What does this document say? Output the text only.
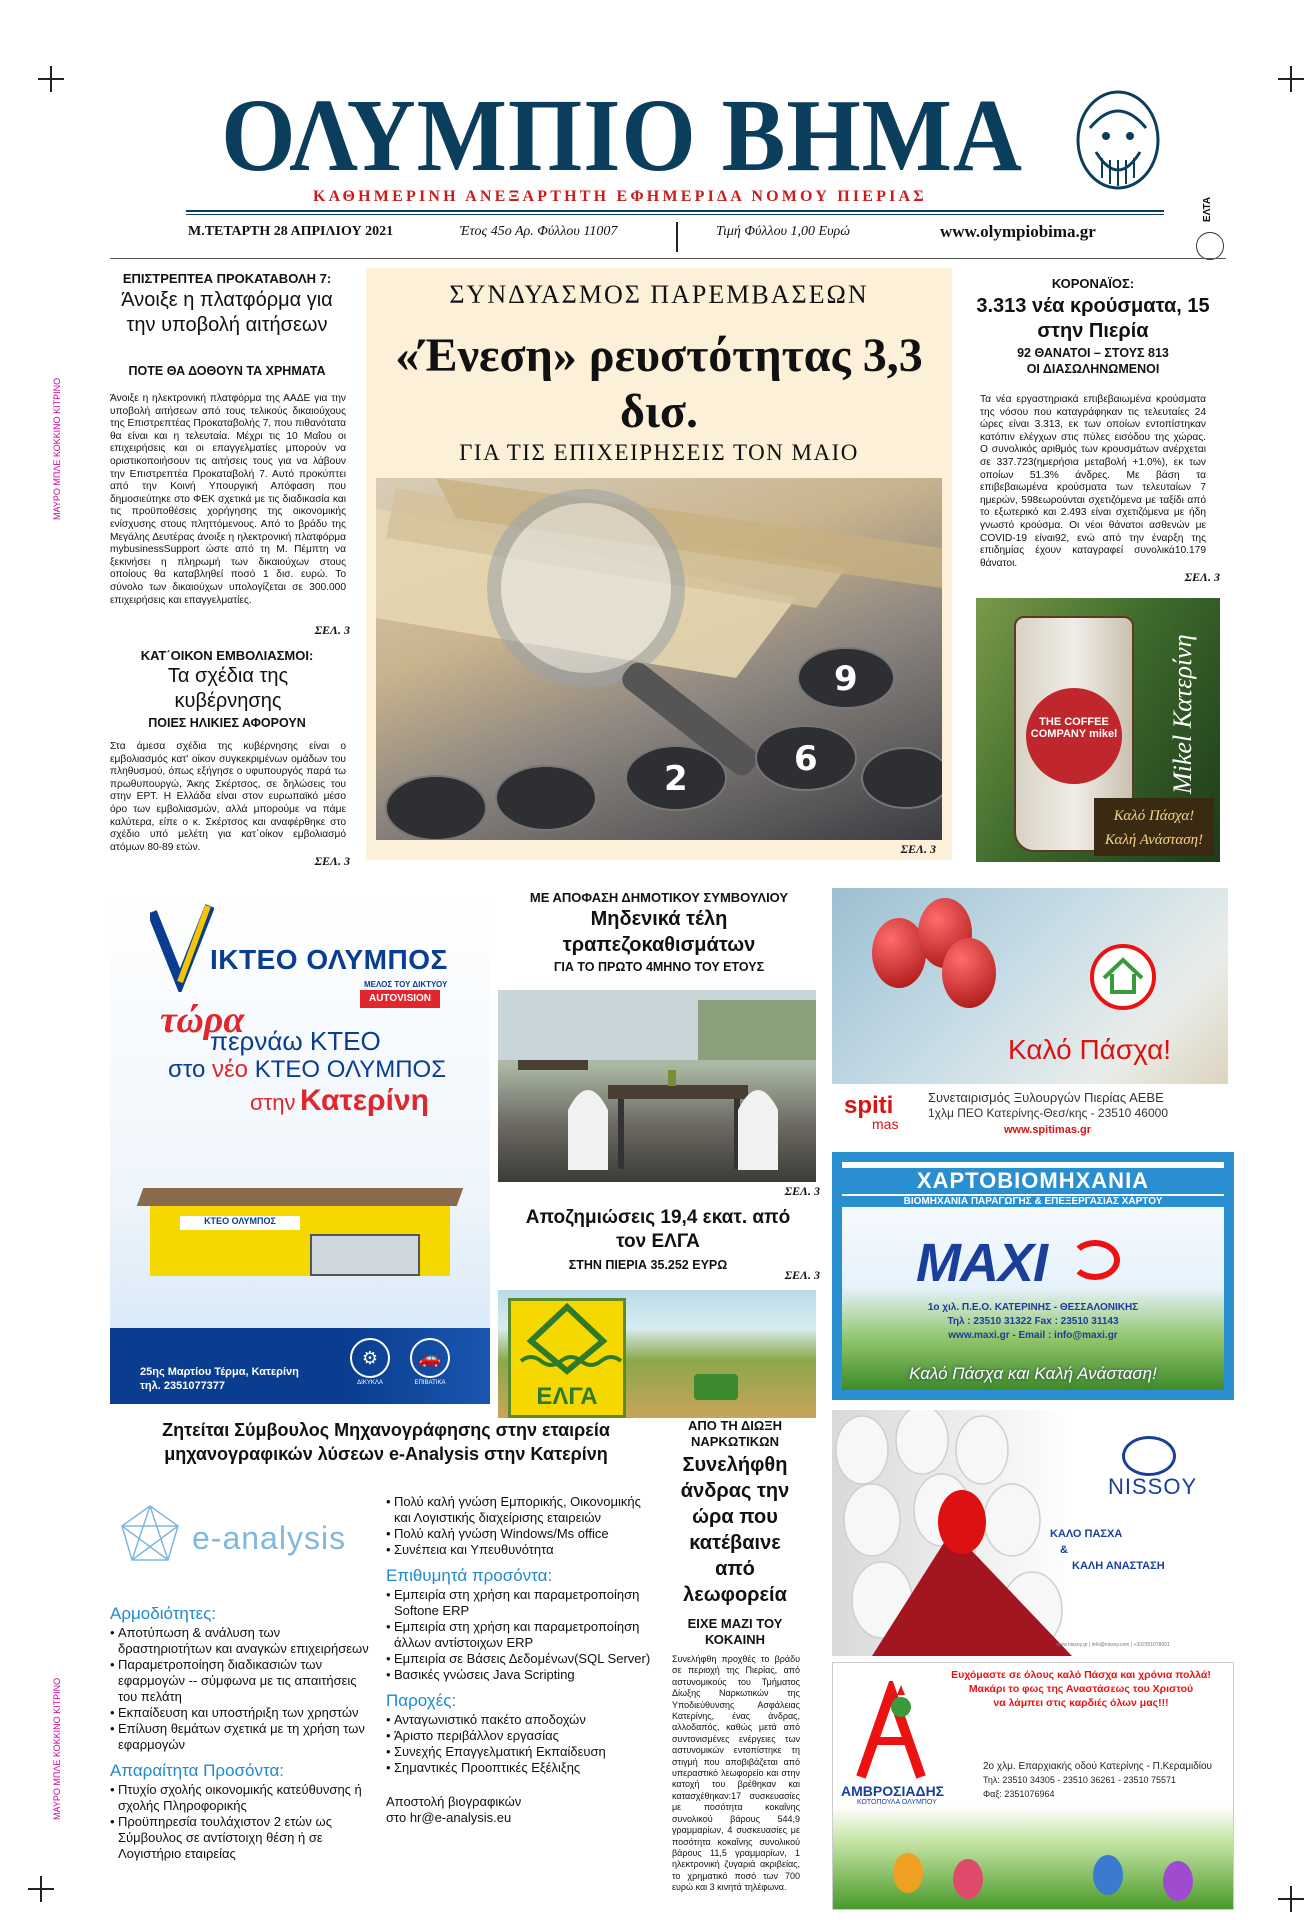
ΜΑΥΡΟ ΜΠΛΕ ΚΟΚΚΙΝΟ ΚΙΤΡΙΝΟ
ΜΑΥΡΟ ΜΠΛΕ ΚΟΚΚΙΝΟ ΚΙΤΡΙΝΟ
ΟΛΥΜΠΙΟ ΒΗΜΑ
ΚΑΘΗΜΕΡΙΝΗ ΑΝΕΞΑΡΤΗΤΗ ΕΦΗΜΕΡΙΔΑ ΝΟΜΟΥ ΠΙΕΡΙΑΣ
Μ.ΤΕΤΑΡΤΗ 28 ΑΠΡΙΛΙΟΥ 2021	Έτος 45ο Αρ. Φύλλου 11007	Τιμή Φύλλου 1,00 Ευρώ	www.olympiobima.gr
ΕΛΤΑ
ΕΠΙΣΤΡΕΠΤΕΑ ΠΡΟΚΑΤΑΒΟΛΗ 7:
Άνοιξε η πλατφόρμα για την υποβολή αιτήσεων
ΠΟΤΕ ΘΑ ΔΟΘΟΥΝ ΤΑ ΧΡΗΜΑΤΑ
Άνοιξε η ηλεκτρονική πλατφόρμα της ΑΑΔΕ για την υποβολή αιτήσεων από τους τελικούς δικαιούχους της Επιστρεπτέας Προκαταβολής 7, που πιθανότατα θα είναι και η τελευταία. Μέχρι τις 10 Μαΐου οι επιχειρήσεις και οι επαγγελματίες μπορούν να οριστικοποιήσουν τις αιτήσεις τους για να λάβουν την Επιστρεπτέα Προκαταβολή 7. Αυτό προκύπτει από την Κοινή Υπουργική Απόφαση που δημοσιεύτηκε στο ΦΕΚ σχετικά με τις διαδικασία και τις προϋποθέσεις χορήγησης της οικονομικής ενίσχυσης στους πληττόμενους. Από το βράδυ της Μεγάλης Δευτέρας άνοιξε η ηλεκτρονική πλατφόρμα mybusinessSupport ώστε από τη Μ. Πέμπτη να ξεκινήσει η πληρωμή των δικαιούχων στους οποίους θα καταβληθεί ποσό 1 δισ. ευρώ. Το σύνολο των δικαιούχων υπολογίζεται σε 300.000 επιχειρήσεις και επαγγελματίες.
ΣΕΛ. 3
ΚΑΤ΄ΟΙΚΟΝ ΕΜΒΟΛΙΑΣΜΟΙ:
Τα σχέδια της κυβέρνησης
ΠΟΙΕΣ ΗΛΙΚΙΕΣ ΑΦΟΡΟΥΝ
Στα άμεσα σχέδια της κυβέρνησης είναι ο εμβολιασμός κατ' οίκον συγκεκριμένων ομάδων του πληθυσμού, όπως εξήγησε ο υφυπουργός παρά τω πρωθυπουργώ, Άκης Σκέρτσος, σε δηλώσεις του στην ΕΡΤ. Η Ελλάδα είναι στον ευρωπαϊκό μέσο όρο των εμβολιασμών, αλλά μπορούμε να πάμε καλύτερα, είπε ο κ. Σκέρτσος και αναφέρθηκε στο σχέδιο υπό μελέτη για κατ΄οίκον εμβολιασμό ατόμων 80-89 ετών.
ΣΕΛ. 3
ΣΥΝΔΥΑΣΜΟΣ ΠΑΡΕΜΒΑΣΕΩΝ
«Ένεση» ρευστότητας 3,3 δισ.
ΓΙΑ ΤΙΣ ΕΠΙΧΕΙΡΗΣΕΙΣ ΤΟΝ ΜΑΙΟ
9
6
2
ΣΕΛ. 3
ΚΟΡΟΝΑΪΟΣ:
3.313 νέα κρούσματα, 15 στην Πιερία
92 ΘΑΝΑΤΟΙ – ΣΤΟΥΣ 813
ΟΙ ΔΙΑΣΩΛΗΝΩΜΕΝΟΙ
Τα νέα εργαστηριακά επιβεβαιωμένα κρούσματα της νόσου που καταγράφηκαν τις τελευταίες 24 ώρες είναι 3.313, εκ των οποίων εντοπίστηκαν κατόπιν ελέγχων στις πύλες εισόδου της χώρας. Ο συνολικός αριθμός των κρουσμάτων ανέρχεται σε 337.723(ημερήσια μεταβολή +1.0%), εκ των οποίων 51.3% άνδρες. Με βάση τα επιβεβαιωμένα κρούσματα των τελευταίων 7 ημερών, 598εωρούνται σχετιζόμενα με ταξίδι από το εξωτερικό και 2.493 είναι σχετιζόμενα με ήδη γνωστό κρούσμα. Οι νέοι θάνατοι ασθενών με COVID-19 είναι92, ενώ από την έναρξη της επιδημίας έχουν καταγραφεί συνολικά10.179 θάνατοι.
ΣΕΛ. 3
THE COFFEE COMPANY mikel Mikel Κατερίνη
Καλό Πάσχα!
Καλή Ανάσταση!
ΙΚΤΕΟ ΟΛΥΜΠΟΣ
ΜΕΛΟΣ ΤΟΥ ΔΙΚΤΥΟΥ
AUTOVISION
τώρα
περνάω ΚΤΕΟ
στο νέο ΚΤΕΟ ΟΛΥΜΠΟΣ
στην Κατερίνη
ΚΤΕΟ ΟΛΥΜΠΟΣ
25ης Μαρτίου Τέρμα, Κατερίνη
τηλ. 2351077377
⚙
ΔΙΚΥΚΛΑ
🚗
ΕΠΙΒΑΤΙΚΑ
ΜΕ ΑΠΟΦΑΣΗ ΔΗΜΟΤΙΚΟΥ ΣΥΜΒΟΥΛΙΟΥ
Μηδενικά τέλη τραπεζοκαθισμάτων
ΓΙΑ ΤΟ ΠΡΩΤΟ 4ΜΗΝΟ ΤΟΥ ΕΤΟΥΣ
ΣΕΛ. 3
Αποζημιώσεις 19,4 εκατ. από τον ΕΛΓΑ
ΣΤΗΝ ΠΙΕΡΙΑ 35.252 ΕΥΡΩ
ΣΕΛ. 3
ΕΛΓΑ
Καλό Πάσχα!
spiti
mas
Συνεταιρισμός Ξυλουργών Πιερίας ΑΕΒΕ
1χλμ ΠΕΟ Κατερίνης-Θεσ/κης - 23510 46000
www.spitimas.gr
ΧΑΡΤΟΒΙΟΜΗΧΑΝΙΑ
ΒΙΟΜΗΧΑΝΙΑ ΠΑΡΑΓΩΓΗΣ & ΕΠΕΞΕΡΓΑΣΙΑΣ ΧΑΡΤΟΥ
MAXI
1ο χιλ. Π.Ε.Ο. ΚΑΤΕΡΙΝΗΣ - ΘΕΣΣΑΛΟΝΙΚΗΣ
Τηλ : 23510 31322 Fax : 23510 31143
www.maxi.gr - Email : info@maxi.gr
Καλό Πάσχα και Καλή Ανάσταση!
Ζητείται Σύμβουλος Μηχανογράφησης στην εταιρεία
μηχανογραφικών λύσεων e-Analysis στην Κατερίνη
e-analysis
Αρμοδιότητες:
• Αποτύπωση & ανάλυση των δραστηριοτήτων και αναγκών επιχειρήσεων
• Παραμετροποίηση διαδικασιών των εφαρμογών -- σύμφωνα με τις απαιτήσεις του πελάτη
• Εκπαίδευση και υποστήριξη των χρηστών
• Επίλυση θεμάτων σχετικά με τη χρήση των εφαρμογών
Απαραίτητα Προσόντα:
• Πτυχίο σχολής οικονομικής κατεύθυνσης ή σχολής Πληροφορικής
• Προϋπηρεσία τουλάχιστον 2 ετών ως Σύμβουλος σε αντίστοιχη θέση ή σε Λογιστήριο εταιρείας
• Πολύ καλή γνώση Εμπορικής, Οικονομικής και Λογιστικής διαχείρισης εταιρειών
• Πολύ καλή γνώση Windows/Ms office
• Συνέπεια και Υπευθυνότητα
Επιθυμητά προσόντα:
• Εμπειρία στη χρήση και παραμετροποίηση Softone ERP
• Εμπειρία στη χρήση και παραμετροποίηση άλλων αντίστοιχων ERP
• Εμπειρία σε Βάσεις Δεδομένων(SQL Server)
• Βασικές γνώσεις Java Scripting
Παροχές:
• Ανταγωνιστικό πακέτο αποδοχών
• Άριστο περιβάλλον εργασίας
• Συνεχής Επαγγελματική Εκπαίδευση
• Σημαντικές Προοπτικές Εξέλιξης
Αποστολή βιογραφικών
στο hr@e-analysis.eu
ΑΠΟ ΤΗ ΔΙΩΞΗ ΝΑΡΚΩΤΙΚΩΝ
Συνελήφθη άνδρας την ώρα που κατέβαινε από λεωφορεία
ΕΙΧΕ ΜΑΖΙ ΤΟΥ ΚΟΚΑΙΝΗ
Συνελήφθη προχθές το βράδυ σε περιοχή της Πιερίας, από αστυνομικούς του Τμήματος Δίωξης Ναρκωτικών της Υποδιεύθυνσης Ασφάλειας Κατερίνης, ένας άνδρας, αλλοδαπός, καθώς μετά από συντονισμένες ενέργειες των αστυνομικών εντοπίστηκε τη στιγμή που αποβιβάζεται από υπεραστικό λεωφορείο και στην κατοχή του βρέθηκαν και κατασχέθηκαν:17 συσκευασίες με ποσότητα κοκαΐνης συνολικού βάρους 544,9 γραμμαρίων, 4 συσκευασίες με ποσότητα κοκαΐνης συνολικού βάρους 11,5 γραμμαρίων, 1 ηλεκτρονική ζυγαριά ακριβείας, το χρηματικό ποσό των 700 ευρώ και 3 κινητά τηλέφωνα.
NISSOY
ΚΑΛΟ ΠΑΣΧΑ
&
ΚΑΛΗ ΑΝΑΣΤΑΣΗ
www.nissoy.gr | info@nissoy.com | +302351078001
Ευχόμαστε σε όλους καλό Πάσχα και χρόνια πολλά!
Μακάρι το φως της Αναστάσεως του Χριστού
να λάμπει στις καρδιές όλων μας!!!
ΑΜΒΡΟΣΙΑΔΗΣ
ΚΟΤΟΠΟΥΛΑ ΟΛΥΜΠΟΥ
2ο χλμ. Επαρχιακής οδού Κατερίνης - Π.Κεραμιδίου
Τηλ: 23510 34305 - 23510 36261 - 23510 75571
Φαξ: 2351076964
